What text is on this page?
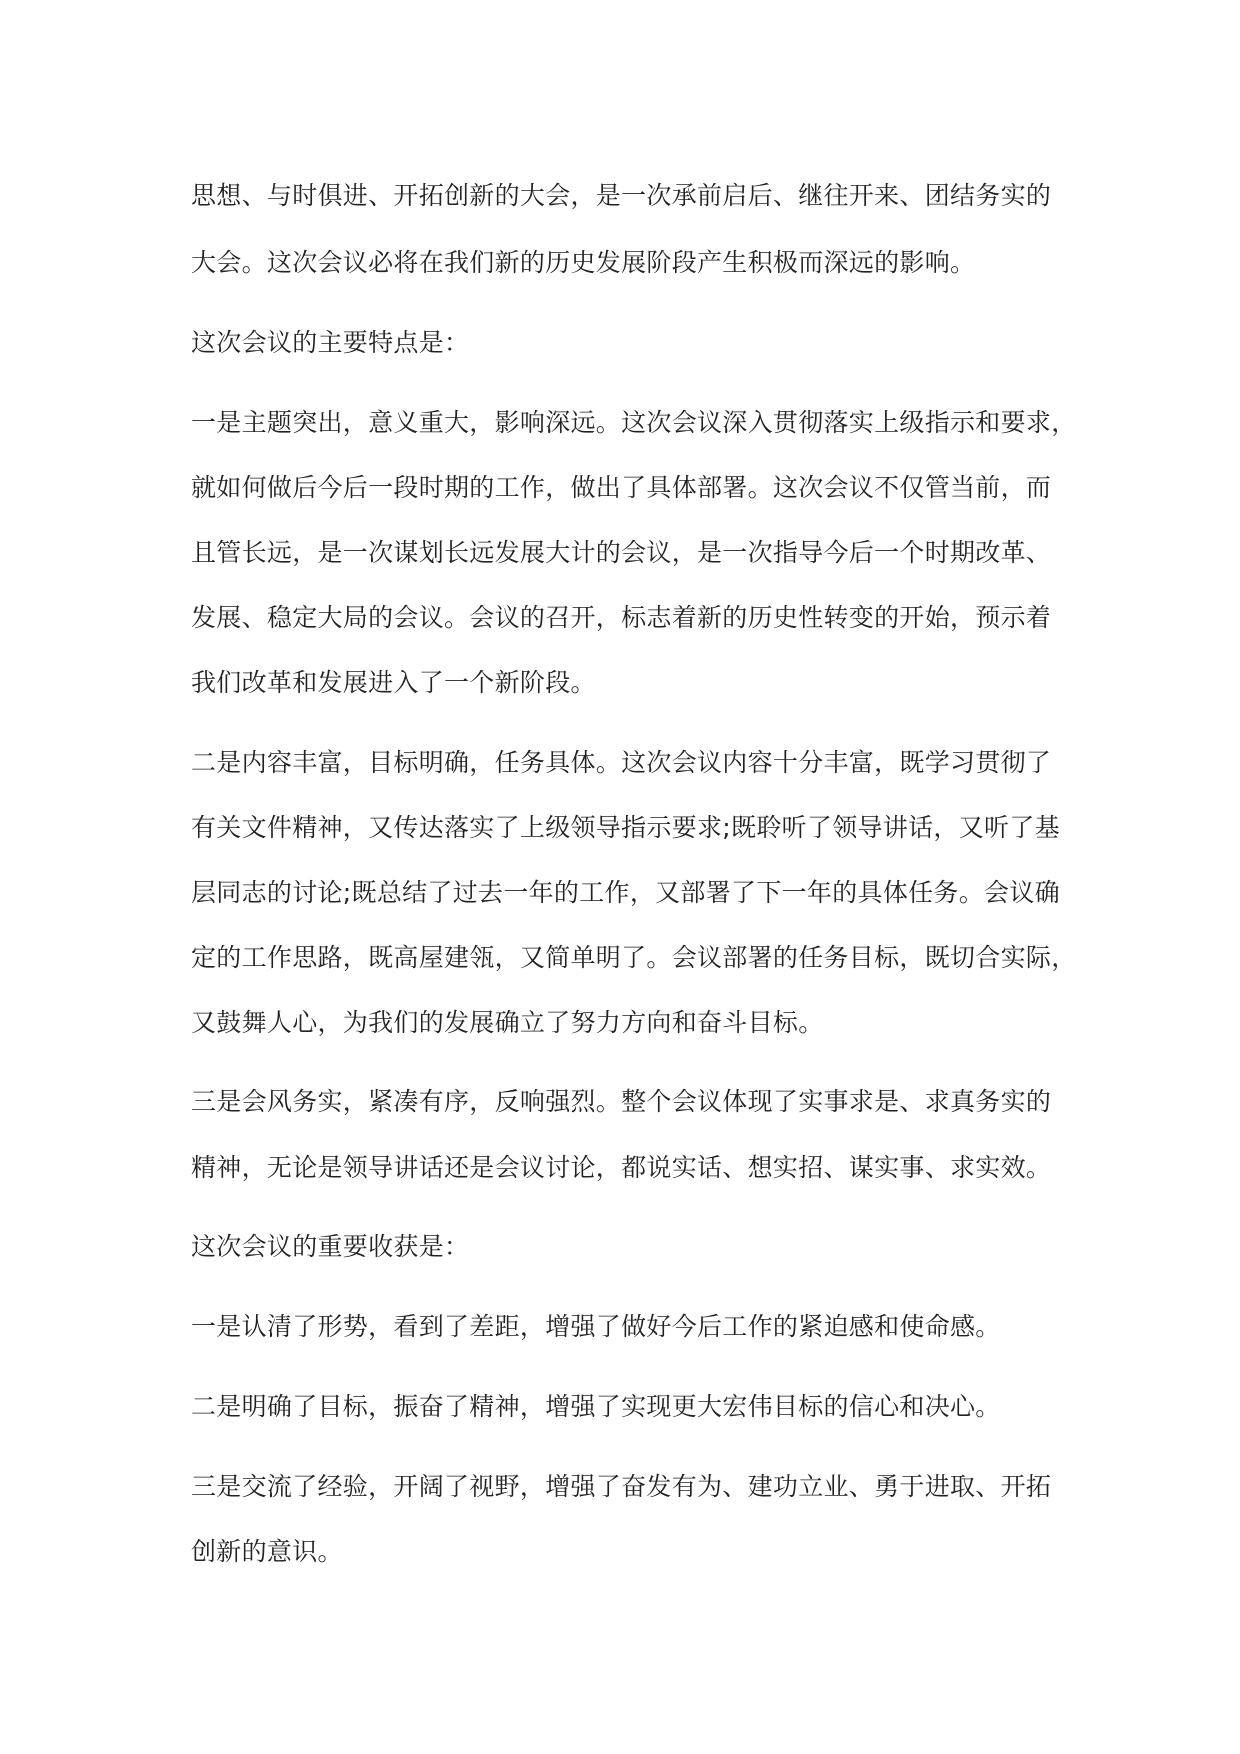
思想、与时俱进、开拓创新的大会，是一次承前启后、继往开来、团结务实的
大会。这次会议必将在我们新的历史发展阶段产生积极而深远的影响。
这次会议的主要特点是：
一是主题突出，意义重大，影响深远。这次会议深入贯彻落实上级指示和要求，
就如何做后今后一段时期的工作，做出了具体部署。这次会议不仅管当前，而
且管长远，是一次谋划长远发展大计的会议，是一次指导今后一个时期改革、
发展、稳定大局的会议。会议的召开，标志着新的历史性转变的开始，预示着
我们改革和发展进入了一个新阶段。
二是内容丰富，目标明确，任务具体。这次会议内容十分丰富，既学习贯彻了
有关文件精神，又传达落实了上级领导指示要求;既聆听了领导讲话，又听了基
层同志的讨论;既总结了过去一年的工作，又部署了下一年的具体任务。会议确
定的工作思路，既高屋建瓴，又简单明了。会议部署的任务目标，既切合实际，
又鼓舞人心，为我们的发展确立了努力方向和奋斗目标。
三是会风务实，紧凑有序，反响强烈。整个会议体现了实事求是、求真务实的
精神，无论是领导讲话还是会议讨论，都说实话、想实招、谋实事、求实效。
这次会议的重要收获是：
一是认清了形势，看到了差距，增强了做好今后工作的紧迫感和使命感。
二是明确了目标，振奋了精神，增强了实现更大宏伟目标的信心和决心。
三是交流了经验，开阔了视野，增强了奋发有为、建功立业、勇于进取、开拓
创新的意识。
